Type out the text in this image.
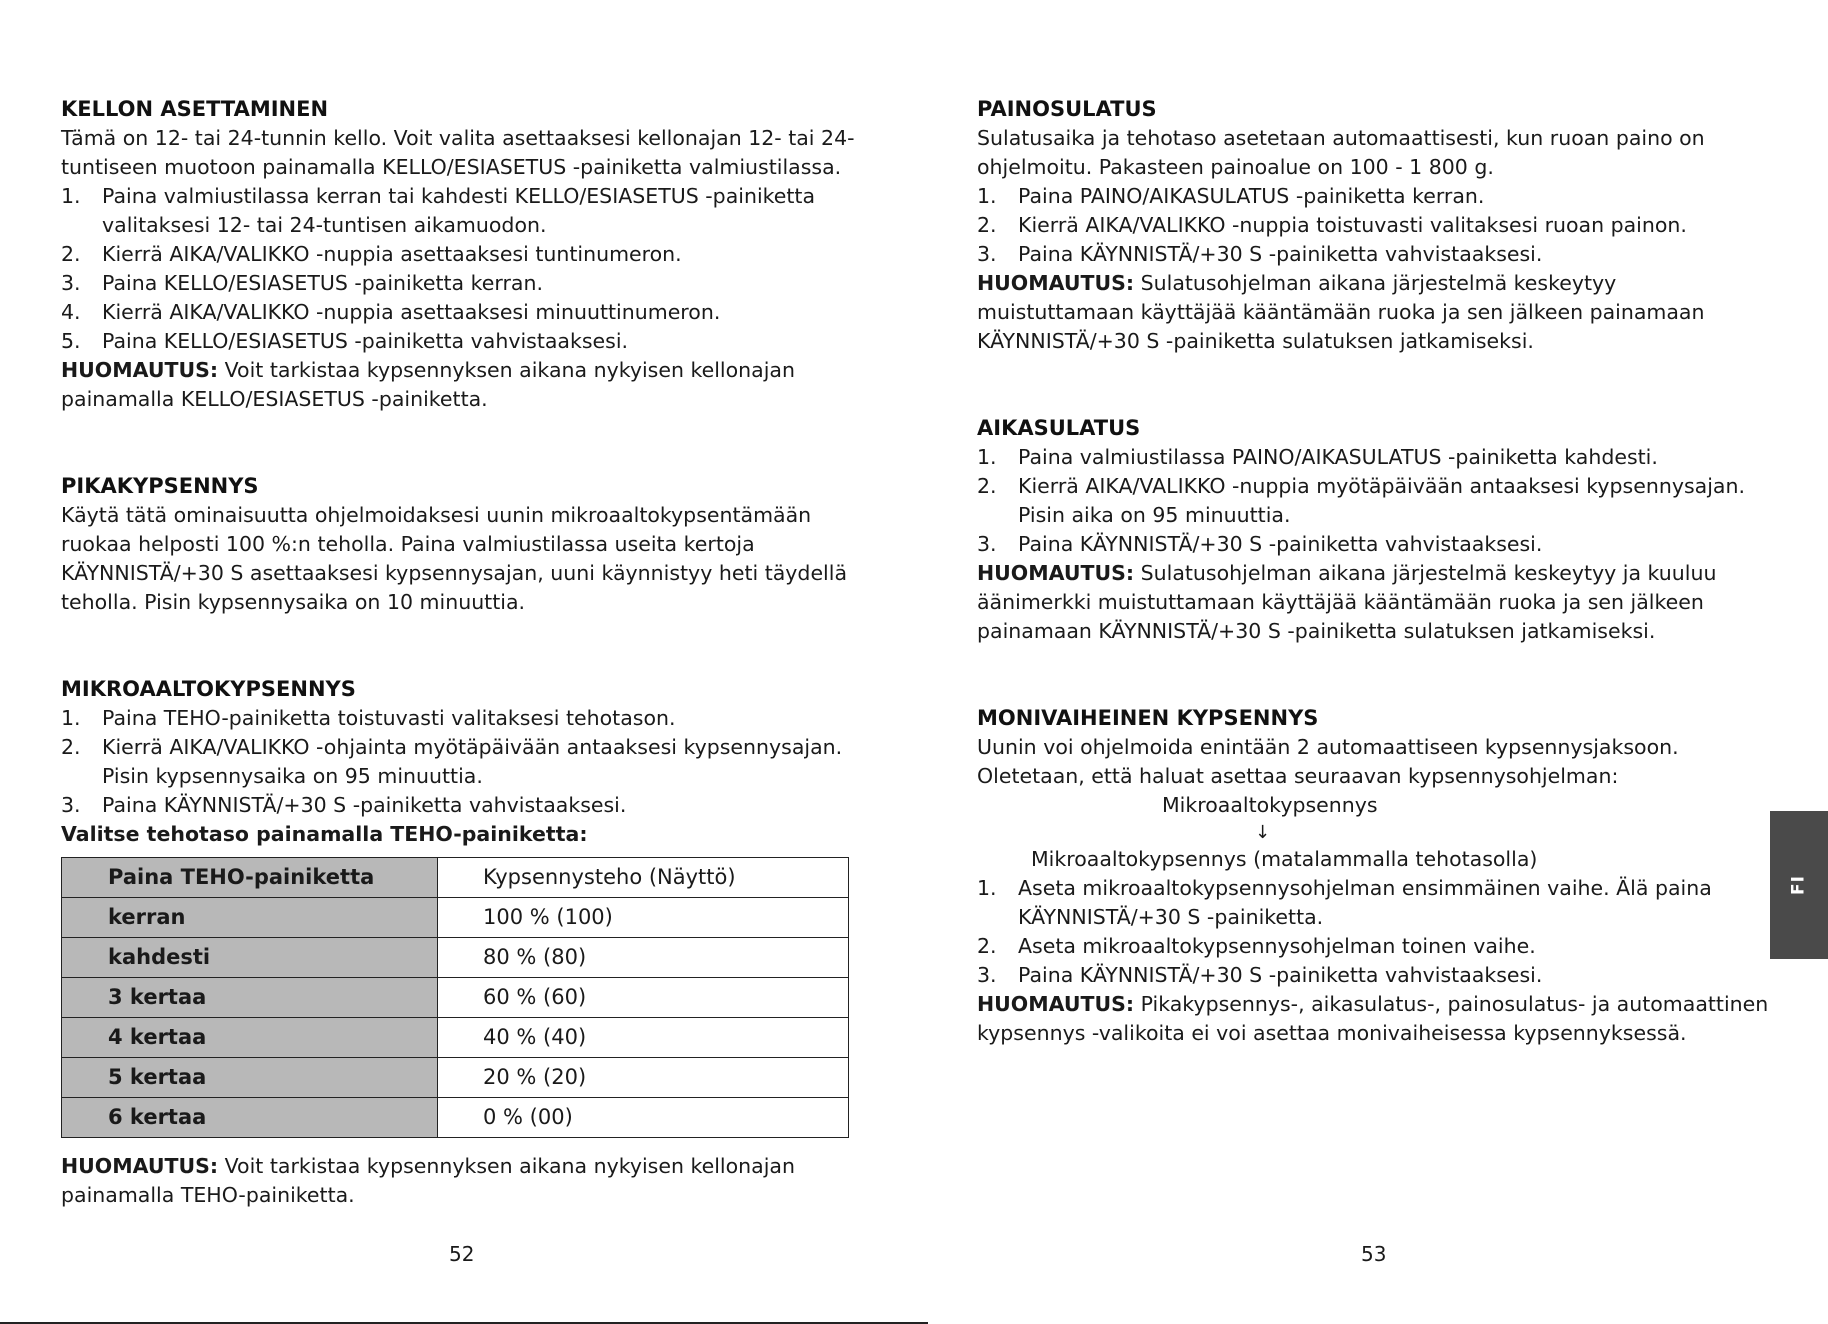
KELLON ASETTAMINEN

Tämä on 12- tai 24-tunnin kello. Voit valita asettaaksesi kellonajan 12- tai 24-tuntiseen muotoon painamalla KELLO/ESIASETUS -painiketta valmiustilassa.

1.	Paina valmiustilassa kerran tai kahdesti KELLO/ESIASETUS -painiketta valitaksesi 12- tai 24-tuntisen aikamuodon.
2.	Kierrä AIKA/VALIKKO -nuppia asettaaksesi tuntinumeron.
3.	Paina KELLO/ESIASETUS -painiketta kerran.
4.	Kierrä AIKA/VALIKKO -nuppia asettaaksesi minuuttinumeron.
5.	Paina KELLO/ESIASETUS -painiketta vahvistaaksesi.

HUOMAUTUS: Voit tarkistaa kypsennyksen aikana nykyisen kellonajan painamalla KELLO/ESIASETUS -painiketta.

PIKAKYPSENNYS

Käytä tätä ominaisuutta ohjelmoidaksesi uunin mikroaaltokypsentämään ruokaa helposti 100 %:n teholla. Paina valmiustilassa useita kertoja KÄYNNISTÄ/+30 S asettaaksesi kypsennysajan, uuni käynnistyy heti täydellä teholla. Pisin kypsennysaika on 10 minuuttia.

MIKROAALTOKYPSENNYS
1.	Paina TEHO-painiketta toistuvasti valitaksesi tehotason.
2.	Kierrä AIKA/VALIKKO -ohjainta myötäpäivään antaaksesi kypsennysajan. Pisin kypsennysaika on 95 minuuttia.
3.	Paina KÄYNNISTÄ/+30 S -painiketta vahvistaaksesi.

Valitse tehotaso painamalla TEHO-painiketta:

Paina TEHO-painiketta	Kypsennysteho (Näyttö)
kerran	100 % (100)
kahdesti	80 % (80)
3 kertaa	60 % (60)
4 kertaa	40 % (40)
5 kertaa	20 % (20)
6 kertaa	0 % (00)

HUOMAUTUS: Voit tarkistaa kypsennyksen aikana nykyisen kellonajan painamalla TEHO-painiketta.

PAINOSULATUS

Sulatusaika ja tehotaso asetetaan automaattisesti, kun ruoan paino on ohjelmoitu. Pakasteen painoalue on 100 - 1 800 g.

1.	Paina PAINO/AIKASULATUS -painiketta kerran.
2.	Kierrä AIKA/VALIKKO -nuppia toistuvasti valitaksesi ruoan painon.
3.	Paina KÄYNNISTÄ/+30 S -painiketta vahvistaaksesi.

HUOMAUTUS: Sulatusohjelman aikana järjestelmä keskeytyy muistuttamaan käyttäjää kääntämään ruoka ja sen jälkeen painamaan KÄYNNISTÄ/+30 S -painiketta sulatuksen jatkamiseksi.

AIKASULATUS
1.	Paina valmiustilassa PAINO/AIKASULATUS -painiketta kahdesti.
2.	Kierrä AIKA/VALIKKO -nuppia myötäpäivään antaaksesi kypsennysajan. Pisin aika on 95 minuuttia.
3.	Paina KÄYNNISTÄ/+30 S -painiketta vahvistaaksesi.

HUOMAUTUS: Sulatusohjelman aikana järjestelmä keskeytyy ja kuuluu äänimerkki muistuttamaan käyttäjää kääntämään ruoka ja sen jälkeen painamaan KÄYNNISTÄ/+30 S -painiketta sulatuksen jatkamiseksi.

MONIVAIHEINEN KYPSENNYS

Uunin voi ohjelmoida enintään 2 automaattiseen kypsennysjaksoon.

Oletetaan, että haluat asettaa seuraavan kypsennysohjelman:

Mikroaaltokypsennys
↓
Mikroaaltokypsennys (matalammalla tehotasolla)
1.	Aseta mikroaaltokypsennysohjelman ensimmäinen vaihe. Älä paina KÄYNNISTÄ/+30 S -painiketta.
2.	Aseta mikroaaltokypsennysohjelman toinen vaihe.
3.	Paina KÄYNNISTÄ/+30 S -painiketta vahvistaaksesi.

HUOMAUTUS: Pikakypsennys-, aikasulatus-, painosulatus- ja automaattinen kypsennys -valikoita ei voi asettaa monivaiheisessa kypsennyksessä.

52	53
FI
